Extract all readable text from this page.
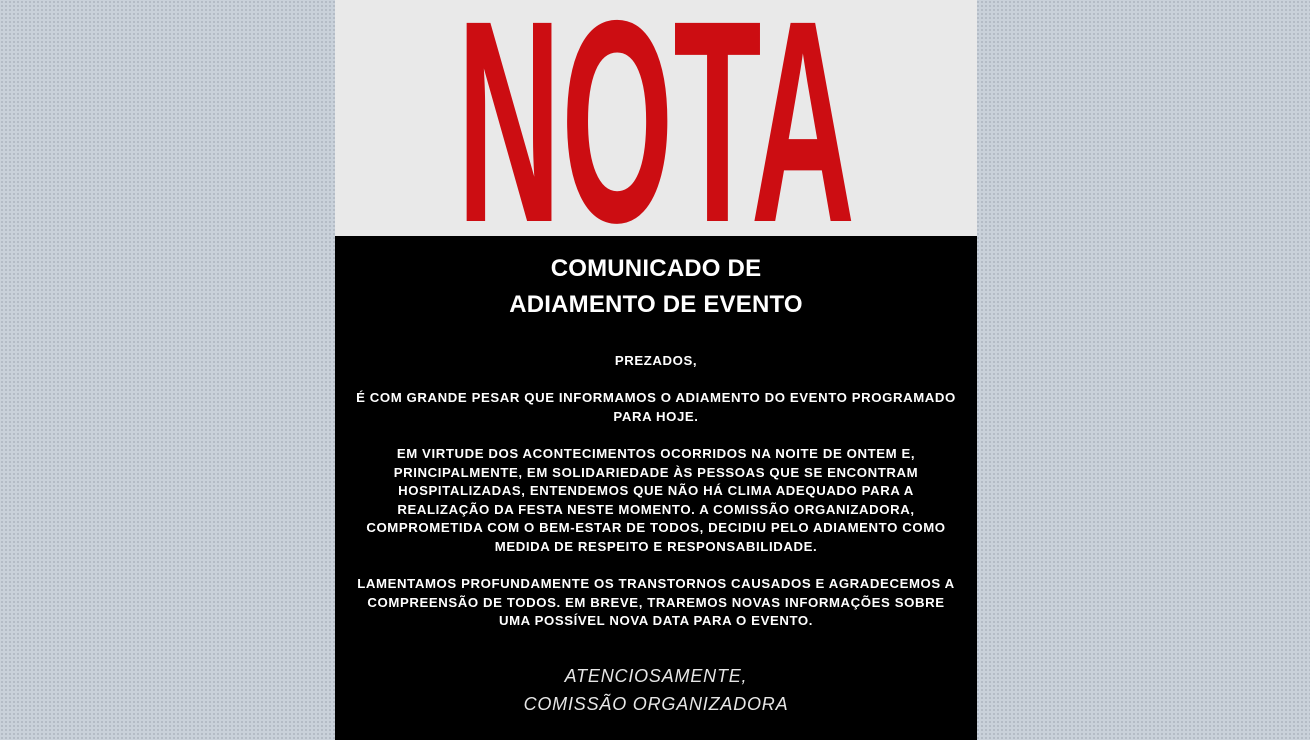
NOTA
COMUNICADO DE
ADIAMENTO DE EVENTO

PREZADOS,

É COM GRANDE PESAR QUE INFORMAMOS O ADIAMENTO DO EVENTO PROGRAMADO PARA HOJE.

EM VIRTUDE DOS ACONTECIMENTOS OCORRIDOS NA NOITE DE ONTEM E, PRINCIPALMENTE, EM SOLIDARIEDADE ÀS PESSOAS QUE SE ENCONTRAM HOSPITALIZADAS, ENTENDEMOS QUE NÃO HÁ CLIMA ADEQUADO PARA A REALIZAÇÃO DA FESTA NESTE MOMENTO. A COMISSÃO ORGANIZADORA, COMPROMETIDA COM O BEM-ESTAR DE TODOS, DECIDIU PELO ADIAMENTO COMO MEDIDA DE RESPEITO E RESPONSABILIDADE.

LAMENTAMOS PROFUNDAMENTE OS TRANSTORNOS CAUSADOS E AGRADECEMOS A COMPREENSÃO DE TODOS. EM BREVE, TRAREMOS NOVAS INFORMAÇÕES SOBRE UMA POSSÍVEL NOVA DATA PARA O EVENTO.

ATENCIOSAMENTE,
COMISSÃO ORGANIZADORA
